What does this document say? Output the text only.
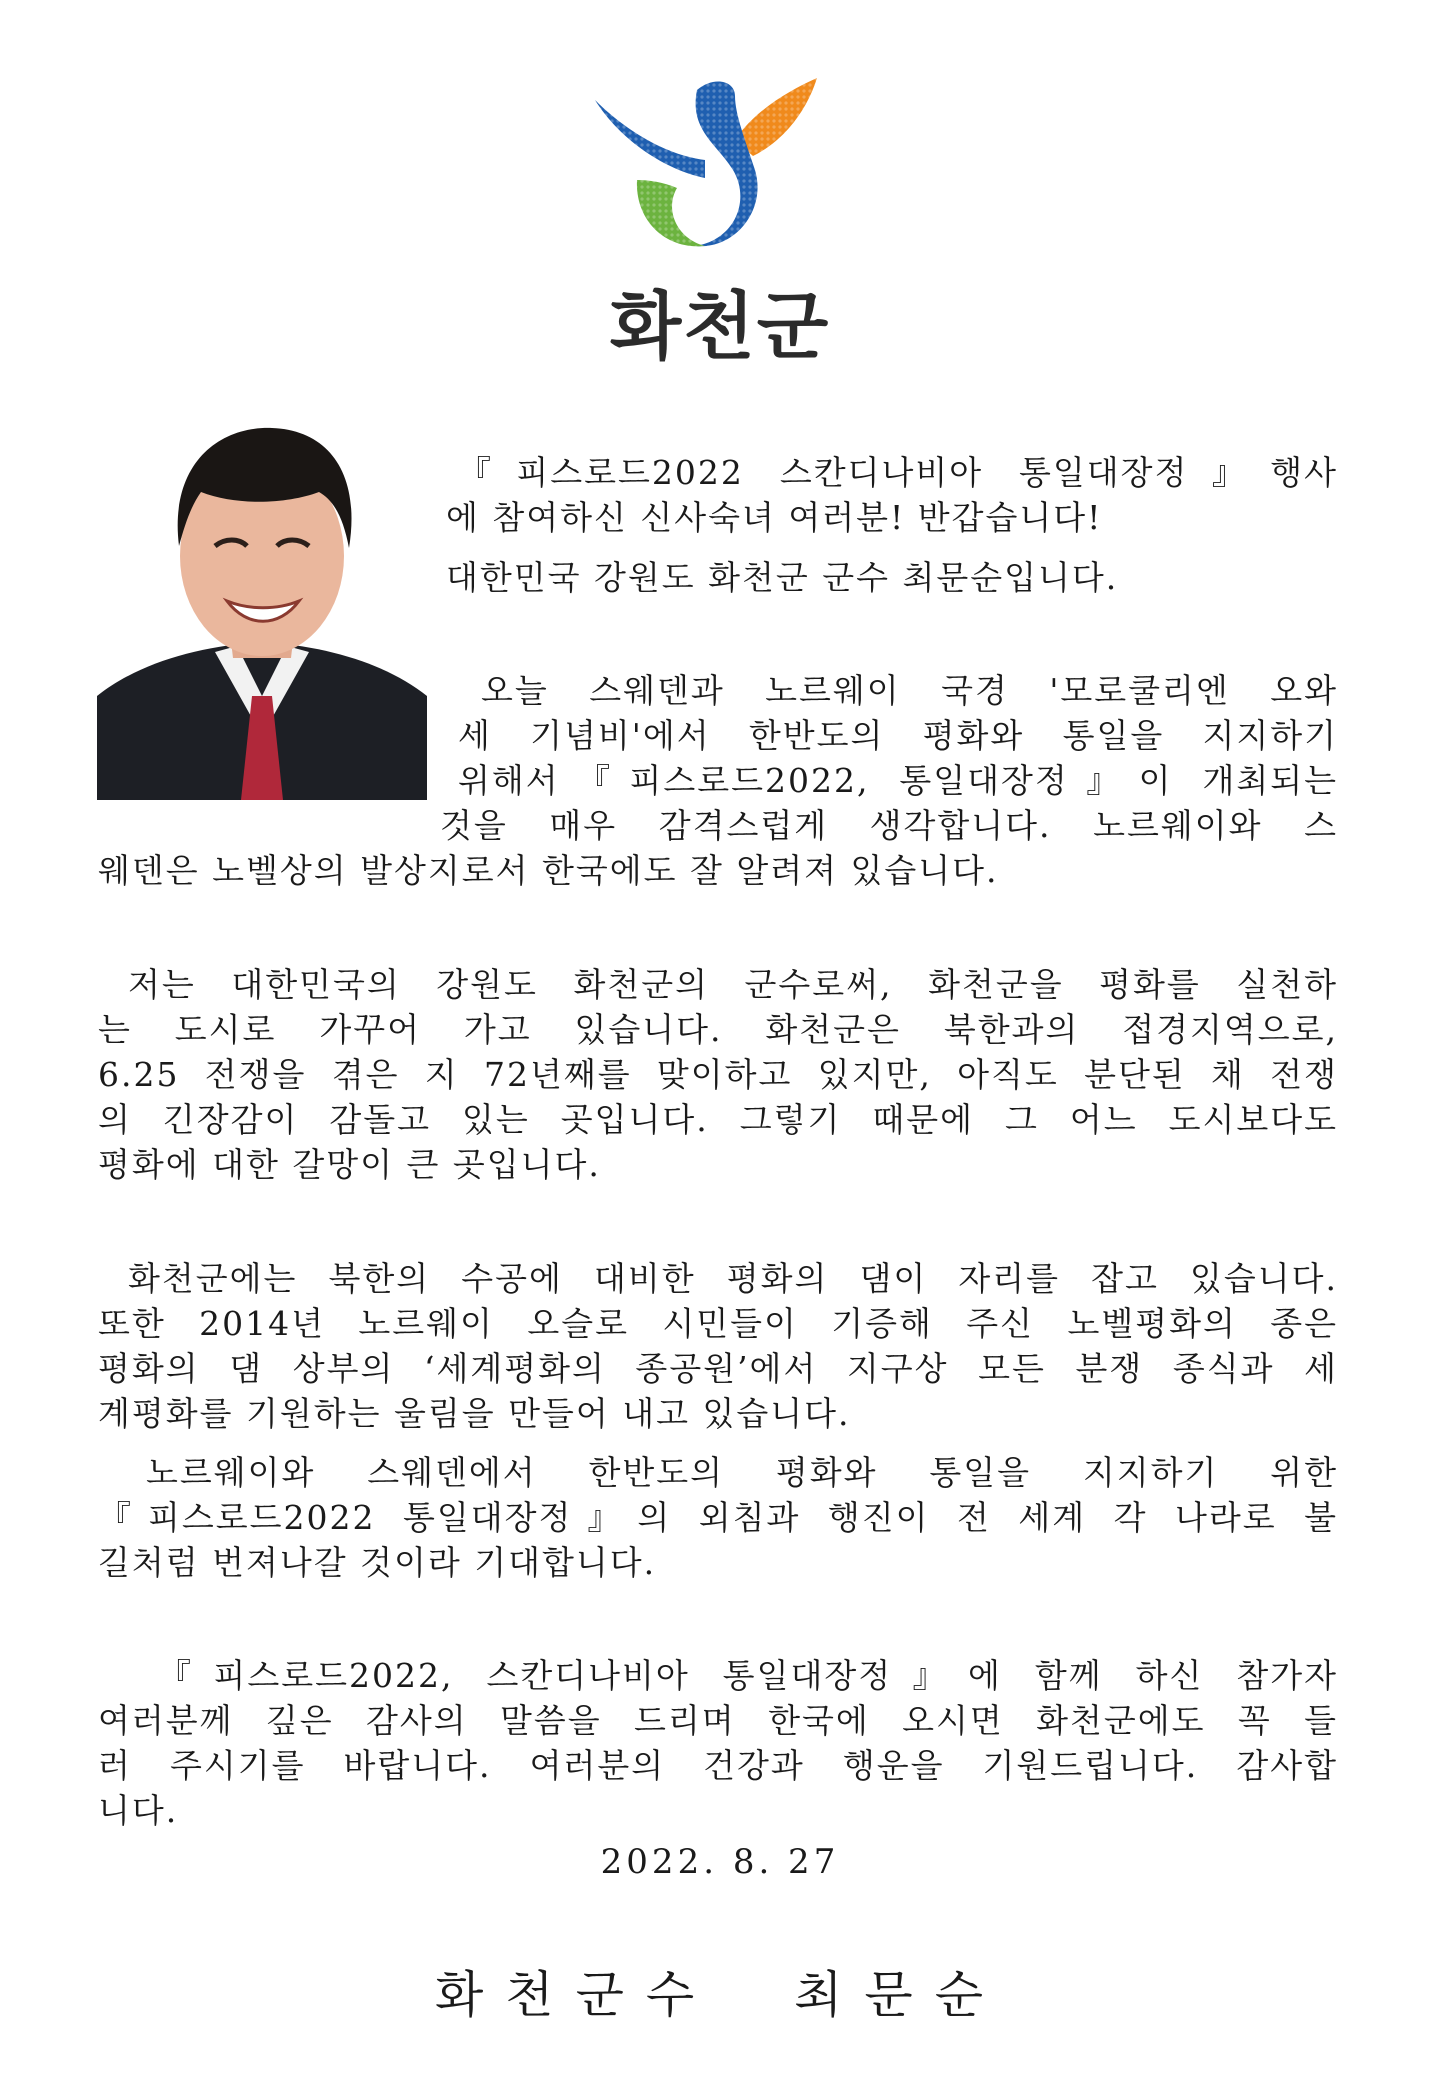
화천군
『피스로드2022 스칸디나비아 통일대장정』행사
에 참여하신 신사숙녀 여러분! 반갑습니다!
대한민국 강원도 화천군 군수 최문순입니다.
오늘 스웨덴과 노르웨이 국경 '모로쿨리엔 오와
세 기념비'에서 한반도의 평화와 통일을 지지하기
위해서『피스로드2022, 통일대장정』이 개최되는
것을 매우 감격스럽게 생각합니다. 노르웨이와 스
웨덴은 노벨상의 발상지로서 한국에도 잘 알려져 있습니다.
저는 대한민국의 강원도 화천군의 군수로써, 화천군을 평화를 실천하
는 도시로 가꾸어 가고 있습니다. 화천군은 북한과의 접경지역으로,
6.25 전쟁을 겪은 지 72년째를 맞이하고 있지만, 아직도 분단된 채 전쟁
의 긴장감이 감돌고 있는 곳입니다. 그렇기 때문에 그 어느 도시보다도
평화에 대한 갈망이 큰 곳입니다.
화천군에는 북한의 수공에 대비한 평화의 댐이 자리를 잡고 있습니다.
또한 2014년 노르웨이 오슬로 시민들이 기증해 주신 노벨평화의 종은
평화의 댐 상부의 ‘세계평화의 종공원’에서 지구상 모든 분쟁 종식과 세
계평화를 기원하는 울림을 만들어 내고 있습니다.
노르웨이와 스웨덴에서 한반도의 평화와 통일을 지지하기 위한
『피스로드2022 통일대장정』의 외침과 행진이 전 세계 각 나라로 불
길처럼 번져나갈 것이라 기대합니다.
『피스로드2022, 스칸디나비아 통일대장정』에 함께 하신 참가자
여러분께 깊은 감사의 말씀을 드리며 한국에 오시면 화천군에도 꼭 들
러 주시기를 바랍니다. 여러분의 건강과 행운을 기원드립니다. 감사합
니다.
2022. 8. 27
화천군수 최문순
